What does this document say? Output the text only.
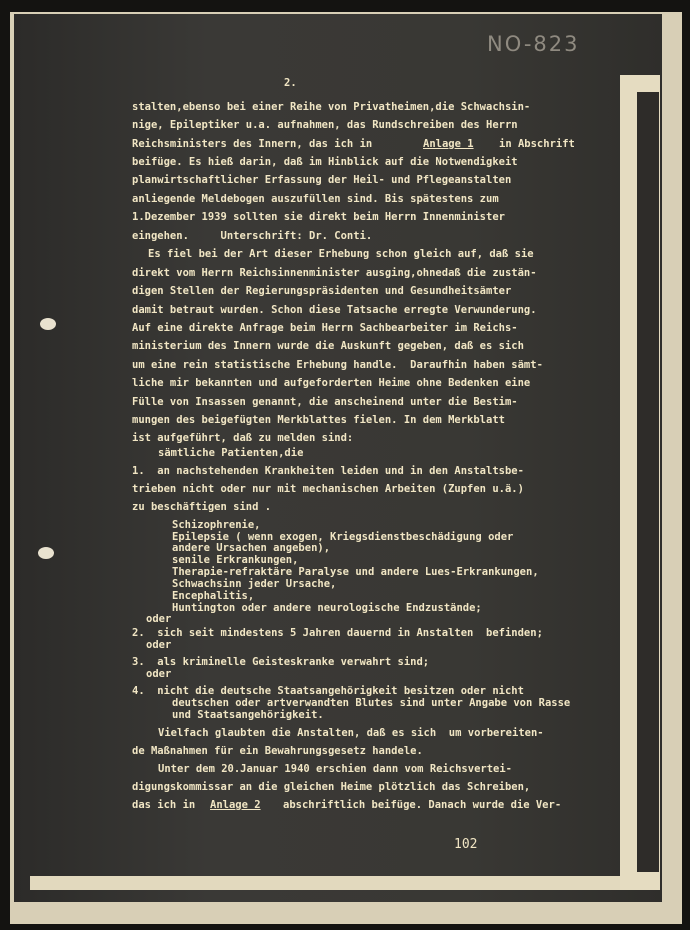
NO-823

2.

stalten,ebenso bei einer Reihe von Privatheimen,die Schwachsin-

nige, Epileptiker u.a. aufnahmen, das Rundschreiben des Herrn

Reichsministers des Innern, das ich in

	Anlage 1

in Abschrift

beifüge. Es hieß darin, daß im Hinblick auf die Notwendigkeit

planwirtschaftlicher Erfassung der Heil- und Pflegeanstalten

anliegende Meldebogen auszufüllen sind. Bis spätestens zum

1.Dezember 1939 sollten sie direkt beim Herrn Innenminister

eingehen.     Unterschrift: Dr. Conti.

Es fiel bei der Art dieser Erhebung schon gleich auf, daß sie

direkt vom Herrn Reichsinnenminister ausging,ohnedaß die zustän-

digen Stellen der Regierungspräsidenten und Gesundheitsämter

damit betraut wurden. Schon diese Tatsache erregte Verwunderung.

Auf eine direkte Anfrage beim Herrn Sachbearbeiter im Reichs-

ministerium des Innern wurde die Auskunft gegeben, daß es sich

um eine rein statistische Erhebung handle.  Daraufhin haben sämt-

liche mir bekannten und aufgeforderten Heime ohne Bedenken eine

Fülle von Insassen genannt, die anscheinend unter die Bestim-

mungen des beigefügten Merkblattes fielen. In dem Merkblatt

ist aufgeführt, daß zu melden sind:

sämtliche Patienten,die

1.  an nachstehenden Krankheiten leiden und in den Anstaltsbe-

trieben nicht oder nur mit mechanischen Arbeiten (Zupfen u.ä.)

zu beschäftigen sind .

Schizophrenie,

Epilepsie ( wenn exogen, Kriegsdienstbeschädigung oder

andere Ursachen angeben),

senile Erkrankungen,

Therapie-refraktäre Paralyse und andere Lues-Erkrankungen,

Schwachsinn jeder Ursache,

Encephalitis,

Huntington oder andere neurologische Endzustände;

oder

2.  sich seit mindestens 5 Jahren dauernd in Anstalten  befinden;

oder

3.  als kriminelle Geisteskranke verwahrt sind;

oder

4.  nicht die deutsche Staatsangehörigkeit besitzen oder nicht

deutschen oder artverwandten Blutes sind unter Angabe von Rasse

und Staatsangehörigkeit.

Vielfach glaubten die Anstalten, daß es sich  um vorbereiten-

de Maßnahmen für ein Bewahrungsgesetz handele.

Unter dem 20.Januar 1940 erschien dann vom Reichsvertei-

digungskommissar an die gleichen Heime plötzlich das Schreiben,

das ich in

Anlage 2

abschriftlich beifüge. Danach wurde die Ver-

102
